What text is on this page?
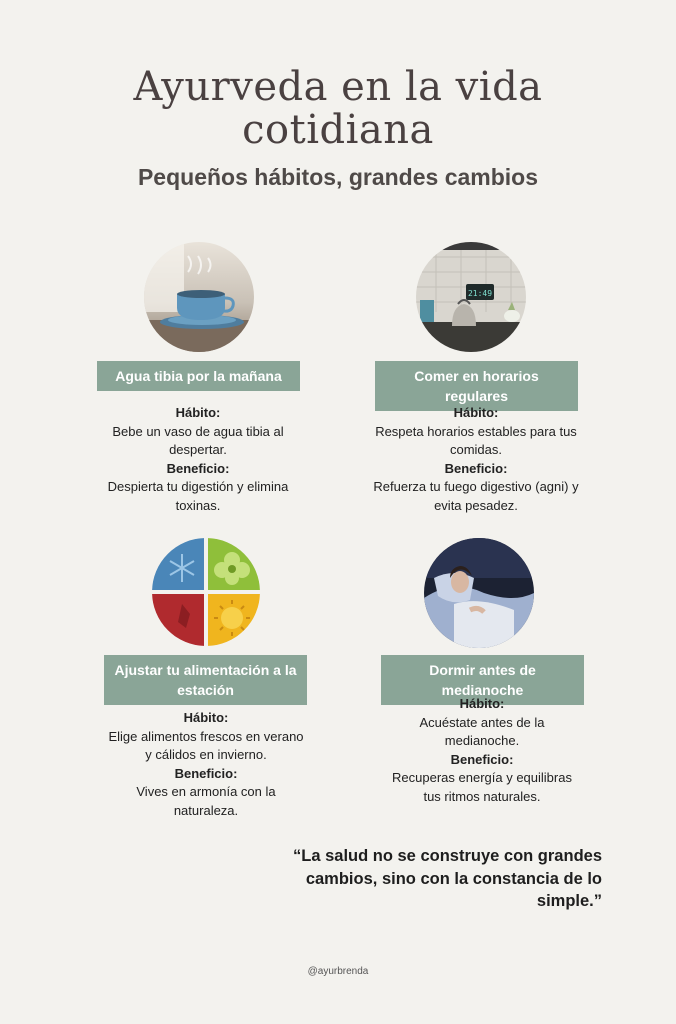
Ayurveda en la vida
cotidiana
Pequeños hábitos, grandes cambios
Agua tibia por la mañana
Hábito:
Bebe un vaso de agua tibia al despertar.
Beneficio:
Despierta tu digestión y elimina toxinas.
21:49
Comer en horarios regulares
Hábito:
Respeta horarios estables para tus comidas.
Beneficio:
Refuerza tu fuego digestivo (agni) y evita pesadez.
Ajustar tu alimentación a la estación
Hábito:
Elige alimentos frescos en verano y cálidos en invierno.
Beneficio:
Vives en armonía con la naturaleza.
Dormir antes de medianoche
Hábito:
Acuéstate antes de la medianoche.
Beneficio:
Recuperas energía y equilibras tus ritmos naturales.
“La salud no se construye con grandes cambios, sino con la constancia de lo simple.”
@ayurbrenda
